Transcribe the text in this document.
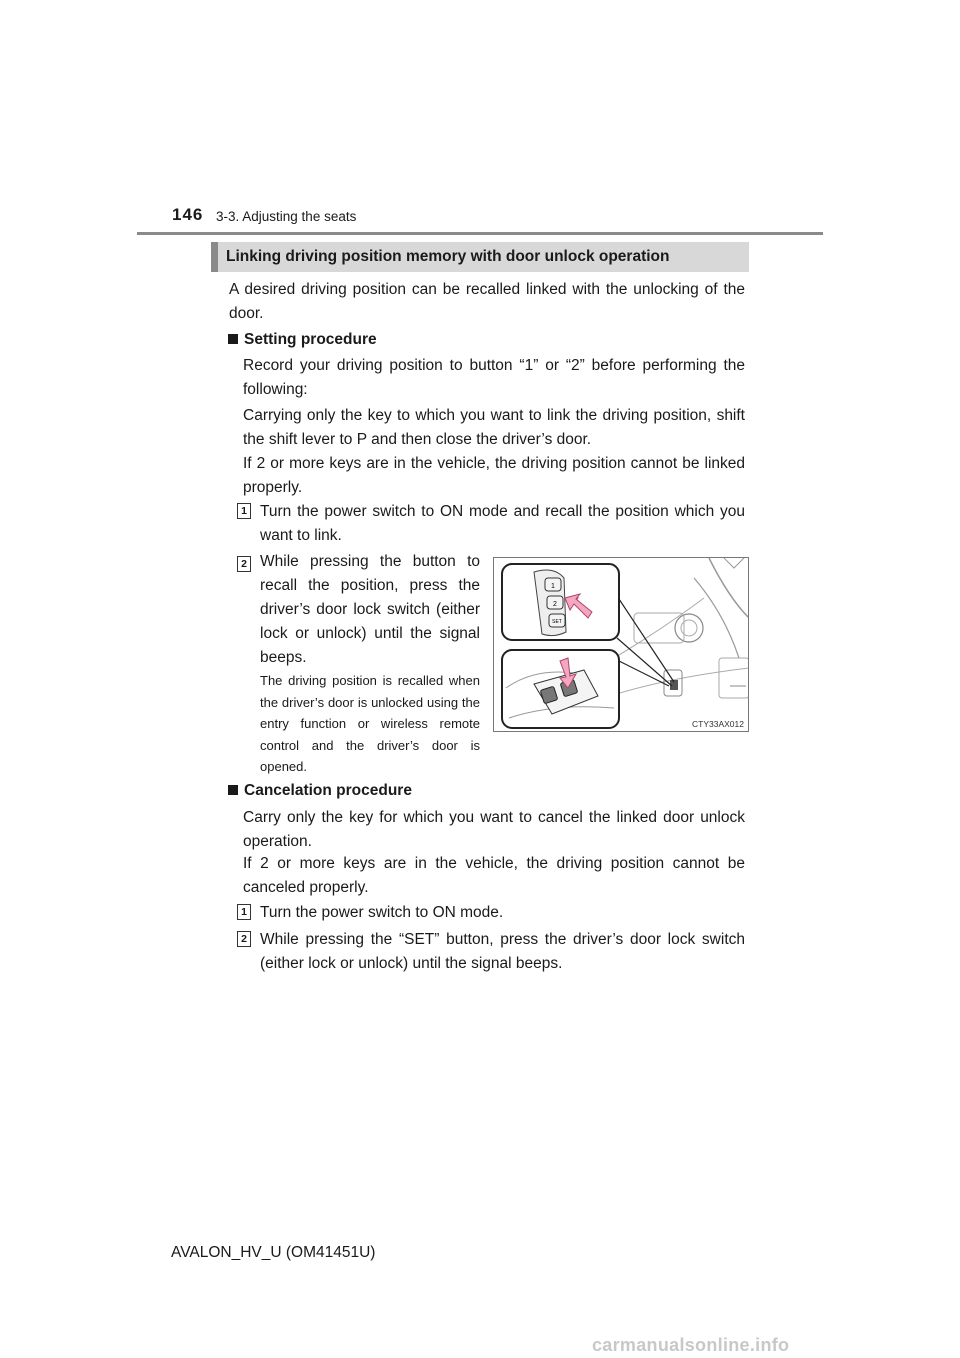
146 3-3. Adjusting the seats
Linking driving position memory with door unlock operation
A desired driving position can be recalled linked with the unlocking of the door.
Setting procedure
Record your driving position to button “1” or “2” before performing the following:
Carrying only the key to which you want to link the driving position, shift the shift lever to P and then close the driver’s door.
If 2 or more keys are in the vehicle, the driving position cannot be linked properly.
1 Turn the power switch to ON mode and recall the position which you want to link.
2 While pressing the button to recall the position, press the driver’s door lock switch (either lock or unlock) until the signal beeps.
The driving position is recalled when the driver’s door is unlocked using the entry function or wireless remote control and the driver’s door is opened.
1
2
SET
CTY33AX012
Cancelation procedure
Carry only the key for which you want to cancel the linked door unlock operation.
If 2 or more keys are in the vehicle, the driving position cannot be canceled properly.
1 Turn the power switch to ON mode.
2 While pressing the “SET” button, press the driver’s door lock switch (either lock or unlock) until the signal beeps.
AVALON_HV_U (OM41451U)
carmanualsonline.info
